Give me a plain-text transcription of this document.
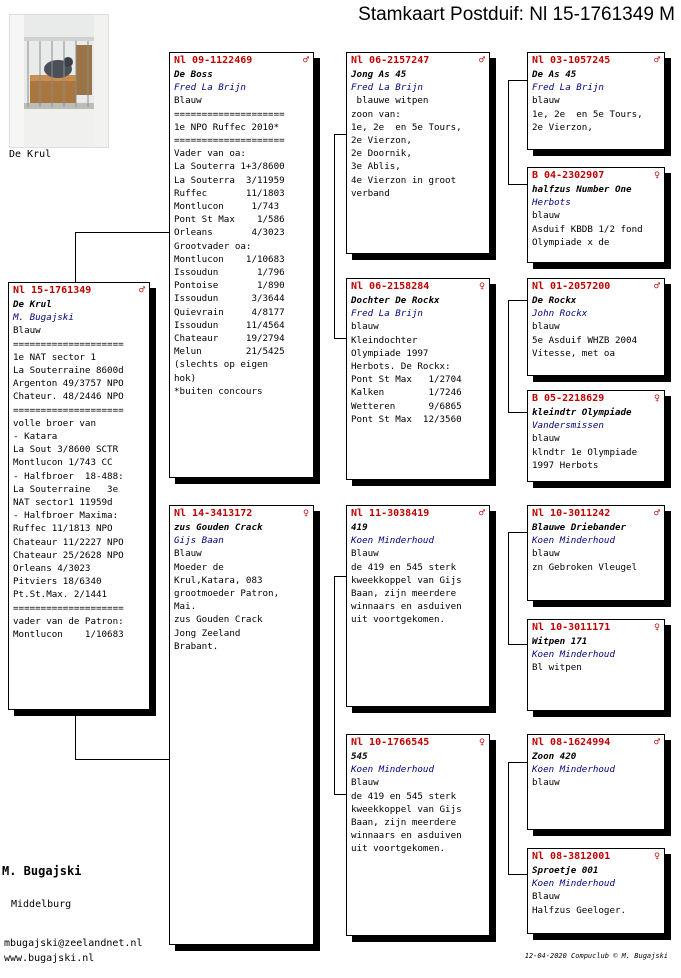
Stamkaart Postduif: Nl 15-1761349 M
De Krul
Nl 15-1761349	♂
De Krul
M. Bugajski
Blauw
====================
1e NAT sector 1
La Souterraine 8600d
Argenton 49/3757 NPO
Chateur. 48/2446 NPO
====================
volle broer van
- Katara
La Sout 3/8600 SCTR
Montlucon 1/743 CC
- Halfbroer  18-488:
La Souterraine   3e
NAT sector1 11959d
- Halfbroer Maxima:
Ruffec 11/1813 NPO
Chateaur 11/2227 NPO
Chateaur 25/2628 NPO
Orleans 4/3023
Pitviers 18/6340
Pt.St.Max. 2/1441
====================
vader van de Patron:
Montlucon    1/10683
Nl 09-1122469	♂
De Boss
Fred La Brijn
Blauw
====================
1e NPO Ruffec 2010*
====================
Vader van oa:
La Souterra 1+3/8600
La Souterra  3/11959
Ruffec       11/1803
Montlucon     1/743
Pont St Max    1/586
Orleans       4/3023
Grootvader oa:
Montlucon    1/10683
Issoudun       1/796
Pontoise       1/890
Issoudun      3/3644
Quievrain     4/8177
Issoudun     11/4564
Chateaur     19/2794
Melun        21/5425
(slechts op eigen
hok)
*buiten concours
Nl 14-3413172	♀
zus Gouden Crack
Gijs Baan
Blauw
Moeder de
Krul,Katara, 083
grootmoeder Patron,
Mai.
zus Gouden Crack
Jong Zeeland
Brabant.
Nl 06-2157247	♂
Jong As 45
Fred La Brijn
blauwe witpen
zoon van:
1e, 2e  en 5e Tours,
2e Vierzon,
2e Doornik,
3e Ablis,
4e Vierzon in groot
verband
Nl 06-2158284	♀
Dochter De Rockx
Fred La Brijn
blauw
Kleindochter
Olympiade 1997
Herbots. De Rockx:
Pont St Max   1/2704
Kalken        1/7246
Wetteren      9/6865
Pont St Max  12/3560
Nl 11-3038419	♂
419
Koen Minderhoud
Blauw
de 419 en 545 sterk
kweekkoppel van Gijs
Baan, zijn meerdere
winnaars en asduiven
uit voortgekomen.
Nl 10-1766545	♀
545
Koen Minderhoud
Blauw
de 419 en 545 sterk
kweekkoppel van Gijs
Baan, zijn meerdere
winnaars en asduiven
uit voortgekomen.
Nl 03-1057245	♂
De As 45
Fred La Brijn
blauw
1e, 2e  en 5e Tours,
2e Vierzon,
B 04-2302907	♀
halfzus Number One
Herbots
blauw
Asduif KBDB 1/2 fond
Olympiade x de
Nl 01-2057200	♂
De Rockx
John Rockx
blauw
5e Asduif WHZB 2004
Vitesse, met oa
B 05-2218629	♀
kleindtr Olympiade
Vandersmissen
blauw
klndtr 1e Olympiade
1997 Herbots
Nl 10-3011242	♂
Blauwe Driebander
Koen Minderhoud
blauw
zn Gebroken Vleugel
Nl 10-3011171	♀
Witpen 171
Koen Minderhoud
Bl witpen
Nl 08-1624994	♂
Zoon 420
Koen Minderhoud
blauw
Nl 08-3812001	♀
Sproetje 001
Koen Minderhoud
Blauw
Halfzus Geeloger.
M. Bugajski
Middelburg
mbugajski@zeelandnet.nl
www.bugajski.nl	12-04-2020 Compuclub © M. Bugajski
